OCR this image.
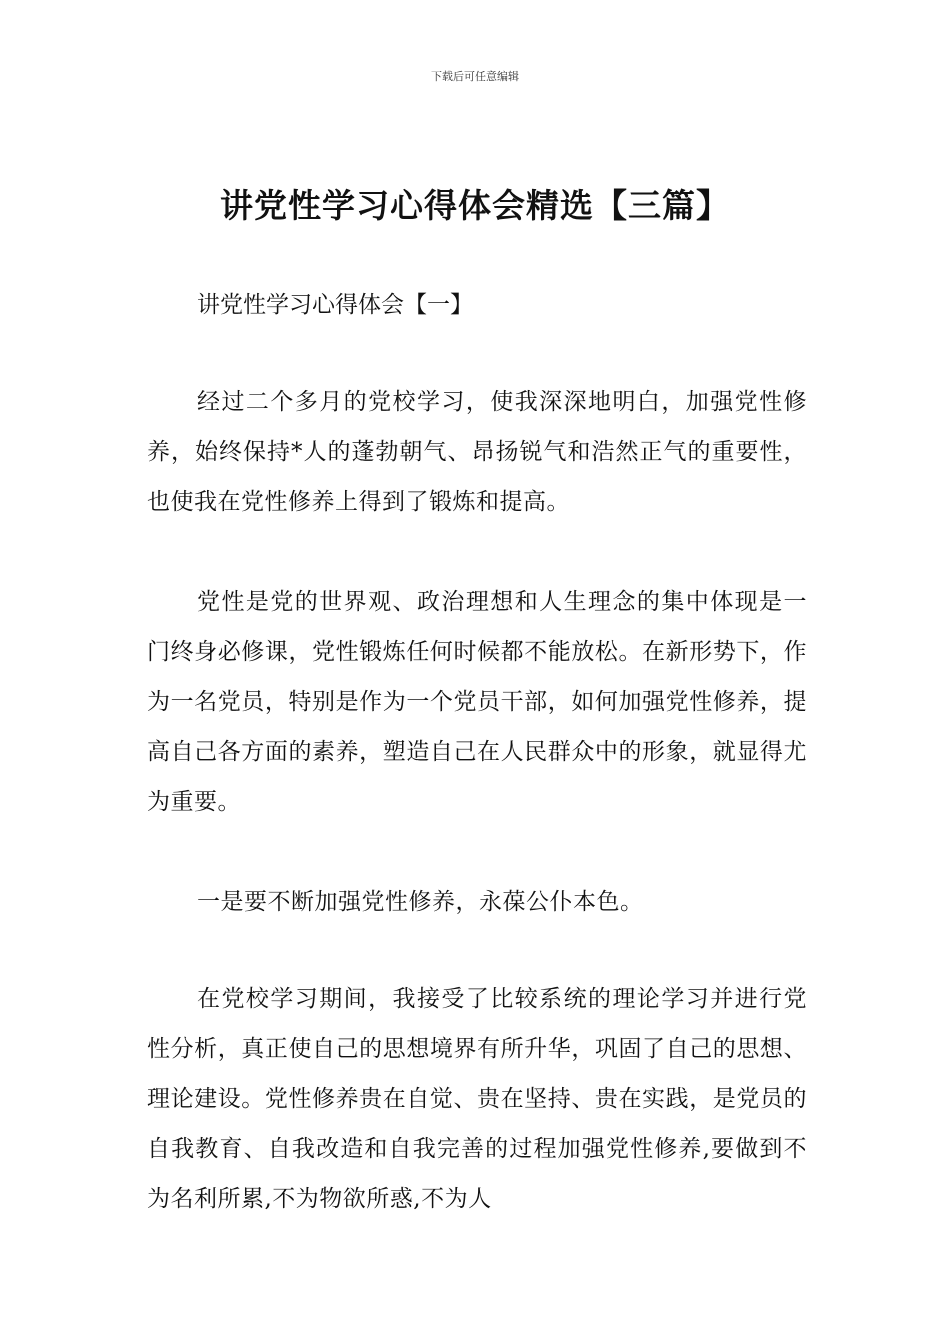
下载后可任意编辑
讲党性学习心得体会精选【三篇】

讲党性学习心得体会【一】

经过二个多月的党校学习，使我深深地明白，加强党性修养，始终保持*人的蓬勃朝气、昂扬锐气和浩然正气的重要性，也使我在党性修养上得到了锻炼和提高。

党性是党的世界观、政治理想和人生理念的集中体现是一门终身必修课，党性锻炼任何时候都不能放松。在新形势下，作为一名党员，特别是作为一个党员干部，如何加强党性修养，提高自己各方面的素养，塑造自己在人民群众中的形象，就显得尤为重要。

一是要不断加强党性修养，永葆公仆本色。

在党校学习期间，我接受了比较系统的理论学习并进行党性分析，真正使自己的思想境界有所升华，巩固了自己的思想、理论建设。党性修养贵在自觉、贵在坚持、贵在实践，是党员的自我教育、自我改造和自我完善的过程加强党性修养,要做到不为名利所累,不为物欲所惑,不为人
